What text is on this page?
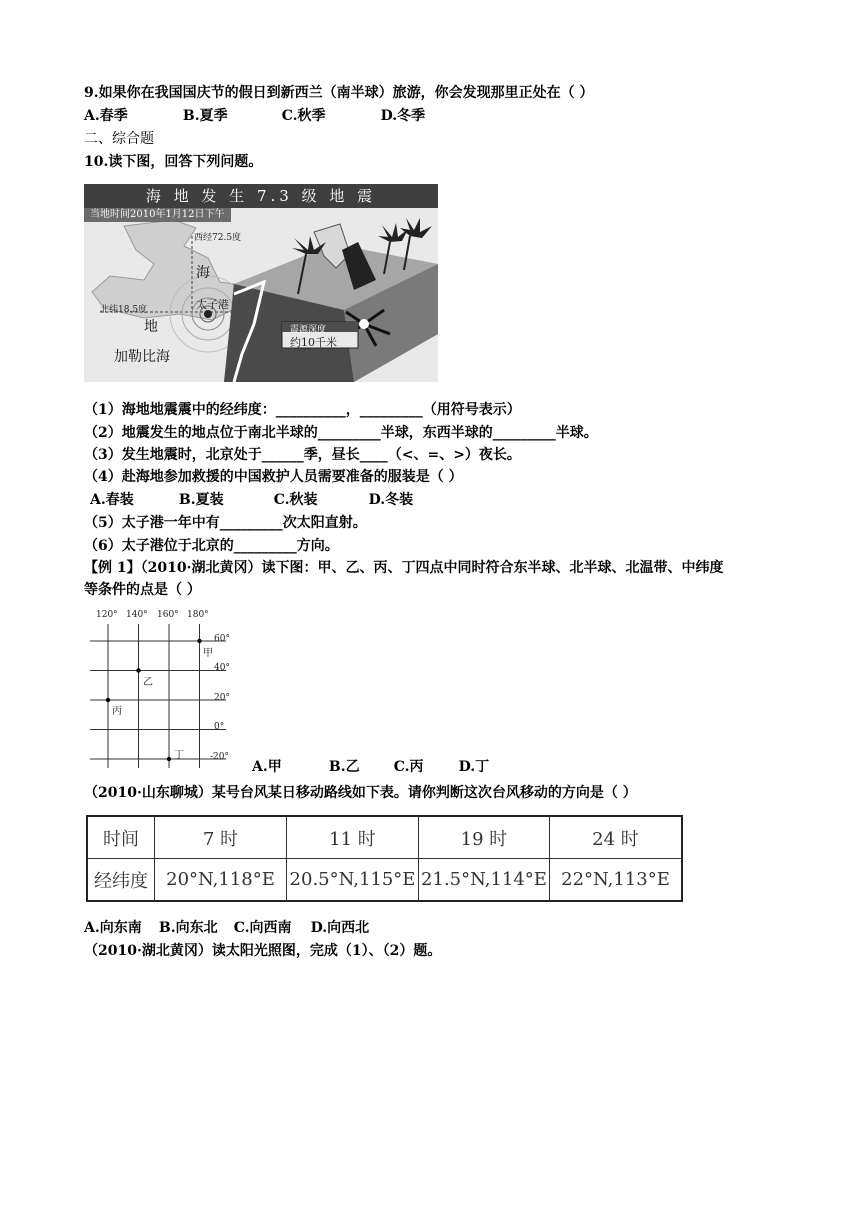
9.如果你在我国国庆节的假日到新西兰（南半球）旅游，你会发现那里正处在（ ）
A.春季	B.夏季	C.秋季	D.冬季
二、综合题
10.读下图，回答下列问题。
海 地 发 生 7.3 级 地 震
当地时间2010年1月12日下午
西经72.5度
北纬18.5度	太子港
海
地
加勒比海
震源深度
约10千米
（1）海地地震震中的经纬度：__________，_________（用符号表示）
（2）地震发生的地点位于南北半球的_________半球，东西半球的_________半球。
（3）发生地震时，北京处于______季，昼长____（<、=、>）夜长。
（4）赴海地参加救援的中国救护人员需要准备的服装是（ ）
A.春装	B.夏装	C.秋装	D.冬装
（5）太子港一年中有_________次太阳直射。
（6）太子港位于北京的_________方向。
【例 1】（2010·湖北黄冈）读下图：甲、乙、丙、丁四点中同时符合东半球、北半球、北温带、中纬度
等条件的点是（ ）
120° 140° 160° 180°
60°
40°
20°
0°
-20°
甲
乙
丙
丁
A.甲	B.乙 C.丙	D.丁
（2010·山东聊城）某号台风某日移动路线如下表。请你判断这次台风移动的方向是（ ）
时间	7 时	11 时	19 时	24 时
经纬度	20°N,118°E	20.5°N,115°E	21.5°N,114°E	22°N,113°E
A.向东南 B.向东北 C.向西南 D.向西北
（2010·湖北黄冈）读太阳光照图，完成（1）、（2）题。
